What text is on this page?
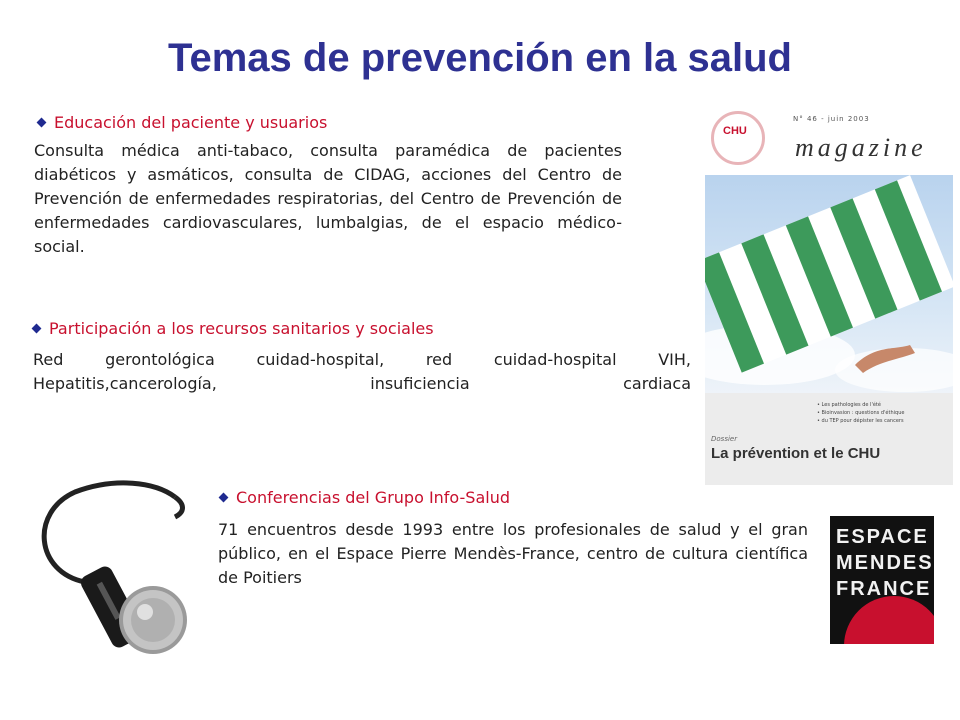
Temas de prevención en la salud
Educación del paciente y usuarios
Consulta médica anti-tabaco, consulta paramédica de pacientes diabéticos y asmáticos, consulta de CIDAG, acciones del Centro de Prevención de enfermedades respiratorias, del Centro de Prevención de enfermedades cardiovasculares, lumbalgias, de el espacio médico-social.
Participación a los recursos sanitarios y sociales
Red gerontológica cuidad-hospital, red cuidad-hospital VIH, Hepatitis,cancerología, insuficiencia cardiaca
Conferencias del Grupo Info-Salud
71 encuentros desde 1993 entre los profesionales de salud y el gran público, en el Espace Pierre Mendès-France, centro de cultura científica de Poitiers
CHU
N° 46 - juin 2003
magazine
• Les pathologies de l'été
• Bioinvasion : questions d'éthique
• du TEP pour dépister les cancers
Dossier
La prévention et le CHU
ESPACE
MENDES
FRANCE
